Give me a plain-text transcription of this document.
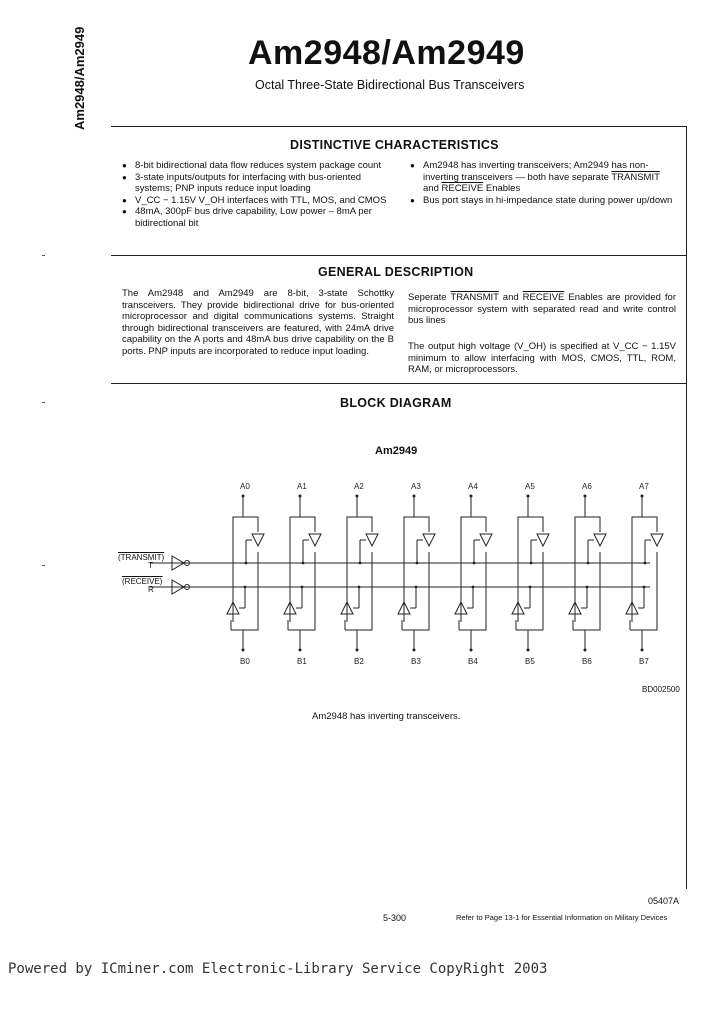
Am2948/Am2949	Am2948/Am2949
Octal Three-State Bidirectional Bus Transceivers
DISTINCTIVE CHARACTERISTICS
● 8-bit bidirectional data flow reduces system package count
● 3-state inputs/outputs for interfacing with bus-oriented systems; PNP inputs reduce input loading
● V_CC − 1.15V V_OH interfaces with TTL, MOS, and CMOS
● 48mA, 300pF bus drive capability, Low power – 8mA per bidirectional bit
● Am2948 has inverting transceivers; Am2949 has non-inverting transceivers — both have separate TRANSMIT and RECEIVE Enables
● Bus port stays in hi-impedance state during power up/down
GENERAL DESCRIPTION

The Am2948 and Am2949 are 8-bit, 3-state Schottky transceivers. They provide bidirectional drive for bus-oriented microprocessor and digital communications systems. Straight through bidirectional transceivers are featured, with 24mA drive capability on the A ports and 48mA bus drive capability on the B ports. PNP inputs are incorporated to reduce input loading.

Seperate TRANSMIT and RECEIVE Enables are provided for microprocessor system with separated read and write control bus lines

The output high voltage (V_OH) is specified at V_CC − 1.15V minimum to allow interfacing with MOS, CMOS, TTL, ROM, RAM, or microprocessors.

BLOCK DIAGRAM
Am2949
A0
B0
A1
B1
A2
B2
A3
B3
A4
B4
A5
B5
A6
B6
A7
B7
(TRANSMIT)
T
(RECEIVE)
R
BD002500
Am2948 has inverting transceivers.
05407A
5-300	Refer to Page 13-1 for Essential Information on Military Devices
Powered by ICminer.com Electronic-Library Service CopyRight 2003
